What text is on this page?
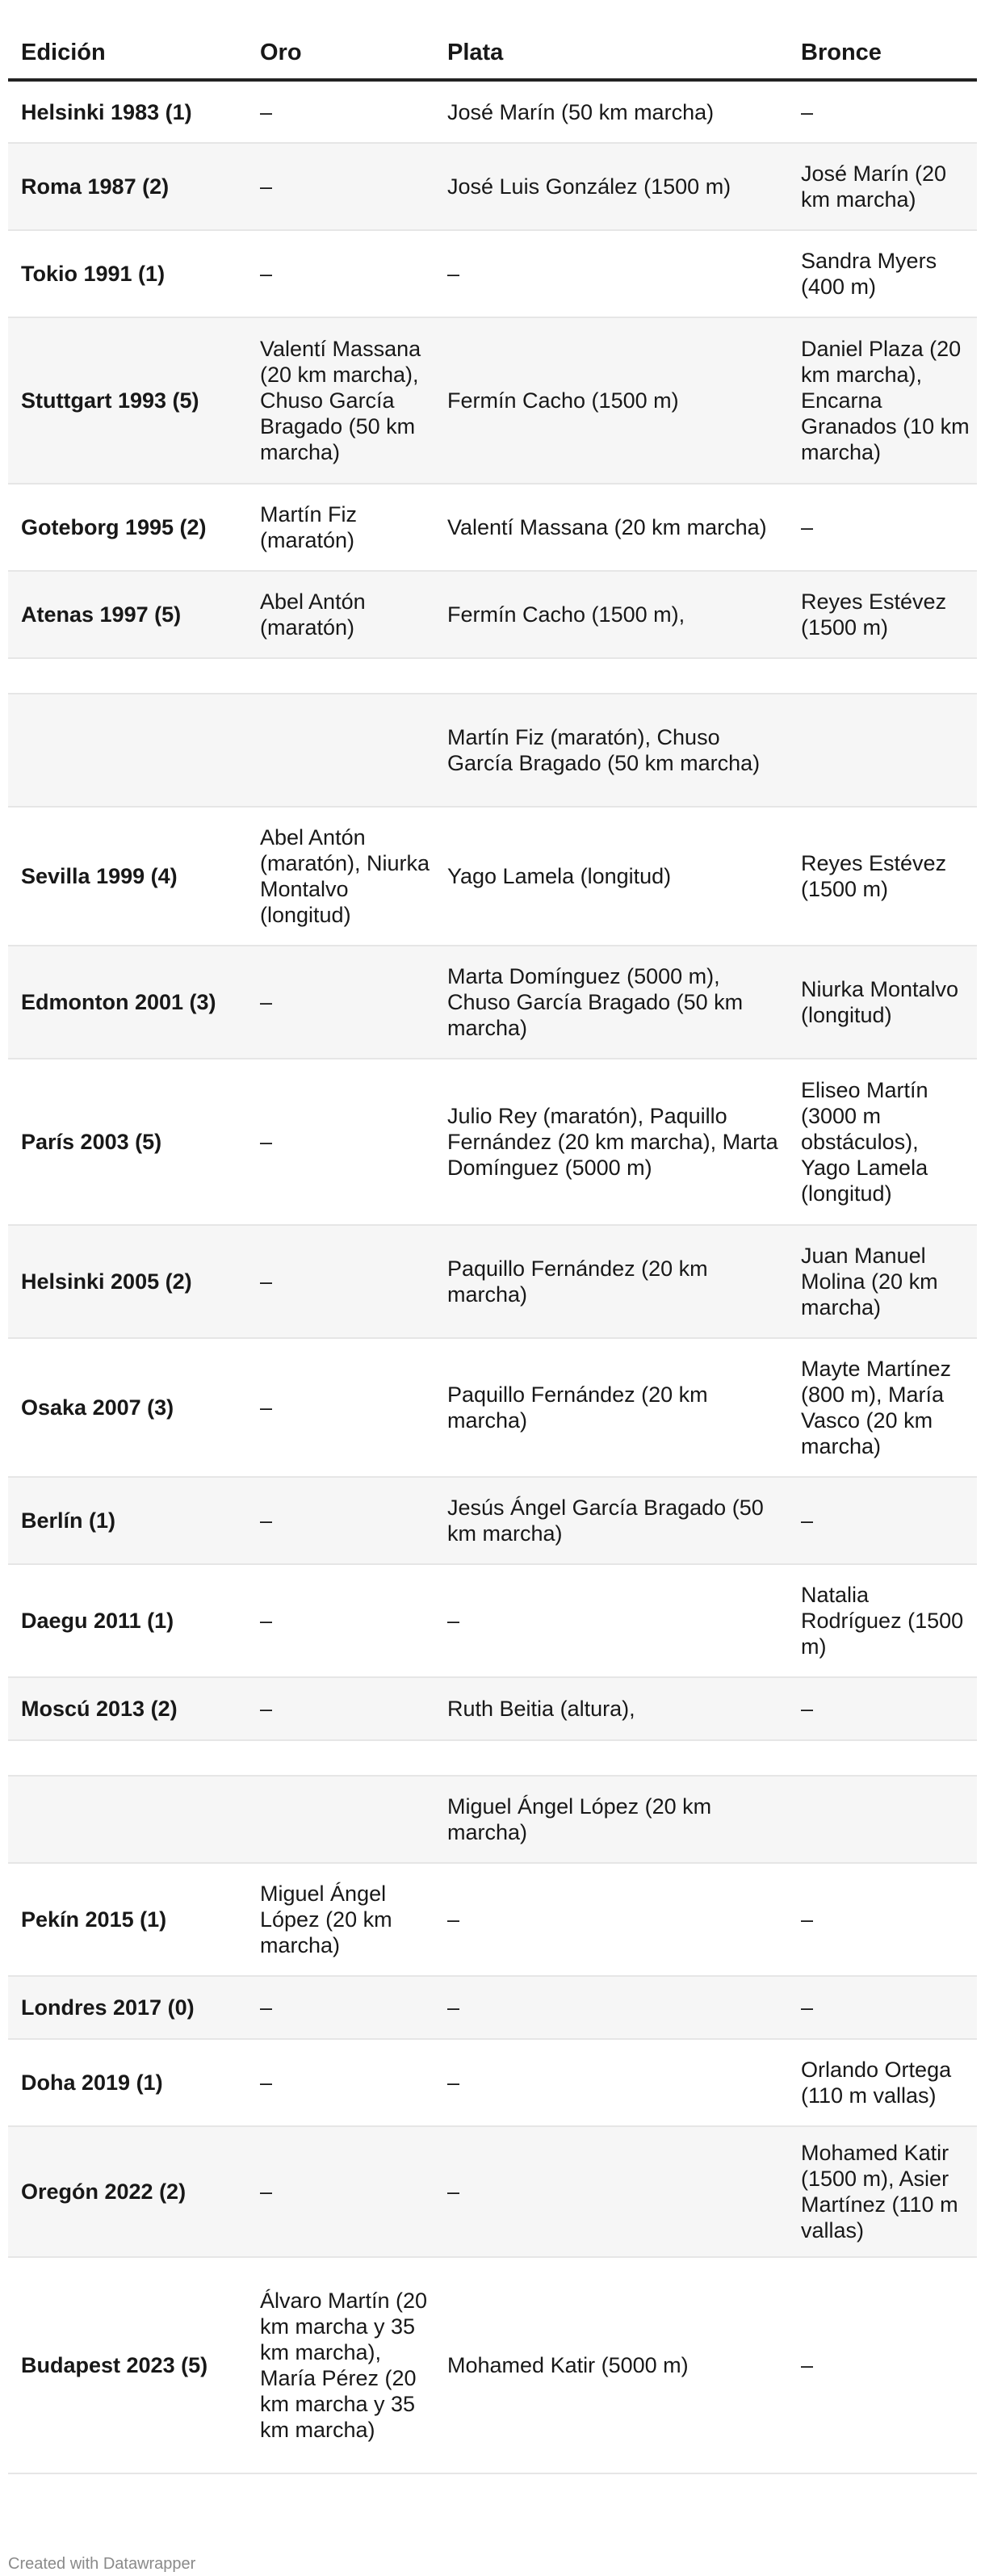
Edición	Oro	Plata	Bronce
Helsinki 1983 (1)	–	José Marín (50 km marcha)	–
Roma 1987 (2)	–	José Luis González (1500 m)	José Marín (20 km marcha)
Tokio 1991 (1)	–	–	Sandra Myers (400 m)
Stuttgart 1993 (5)	Valentí Massana (20 km marcha), Chuso García Bragado (50 km marcha)	Fermín Cacho (1500 m)	Daniel Plaza (20 km marcha), Encarna Granados (10 km marcha)
Goteborg 1995 (2)	Martín Fiz (maratón)	Valentí Massana (20 km marcha)	–
Atenas 1997 (5)	Abel Antón (maratón)	Fermín Cacho (1500 m),	Reyes Estévez (1500 m)

		Martín Fiz (maratón), Chuso García Bragado (50 km marcha)	
Sevilla 1999 (4)	Abel Antón (maratón), Niurka Montalvo (longitud)	Yago Lamela (longitud)	Reyes Estévez (1500 m)
Edmonton 2001 (3)	–	Marta Domínguez (5000 m), Chuso García Bragado (50 km marcha)	Niurka Montalvo (longitud)
París 2003 (5)	–	Julio Rey (maratón), Paquillo Fernández (20 km marcha), Marta Domínguez (5000 m)	Eliseo Martín (3000 m obstáculos), Yago Lamela (longitud)
Helsinki 2005 (2)	–	Paquillo Fernández (20 km marcha)	Juan Manuel Molina (20 km marcha)
Osaka 2007 (3)	–	Paquillo Fernández (20 km marcha)	Mayte Martínez (800 m), María Vasco (20 km marcha)
Berlín (1)	–	Jesús Ángel García Bragado (50 km marcha)	–
Daegu 2011 (1)	–	–	Natalia Rodríguez (1500 m)
Moscú 2013 (2)	–	Ruth Beitia (altura),	–

		Miguel Ángel López (20 km marcha)	
Pekín 2015 (1)	Miguel Ángel López (20 km marcha)	–	–
Londres 2017 (0)	–	–	–
Doha 2019 (1)	–	–	Orlando Ortega (110 m vallas)
Oregón 2022 (2)	–	–	Mohamed Katir (1500 m), Asier Martínez (110 m vallas)
Budapest 2023 (5)	Álvaro Martín (20 km marcha y 35 km marcha), María Pérez (20 km marcha y 35 km marcha)	Mohamed Katir (5000 m)	–
Created with Datawrapper
